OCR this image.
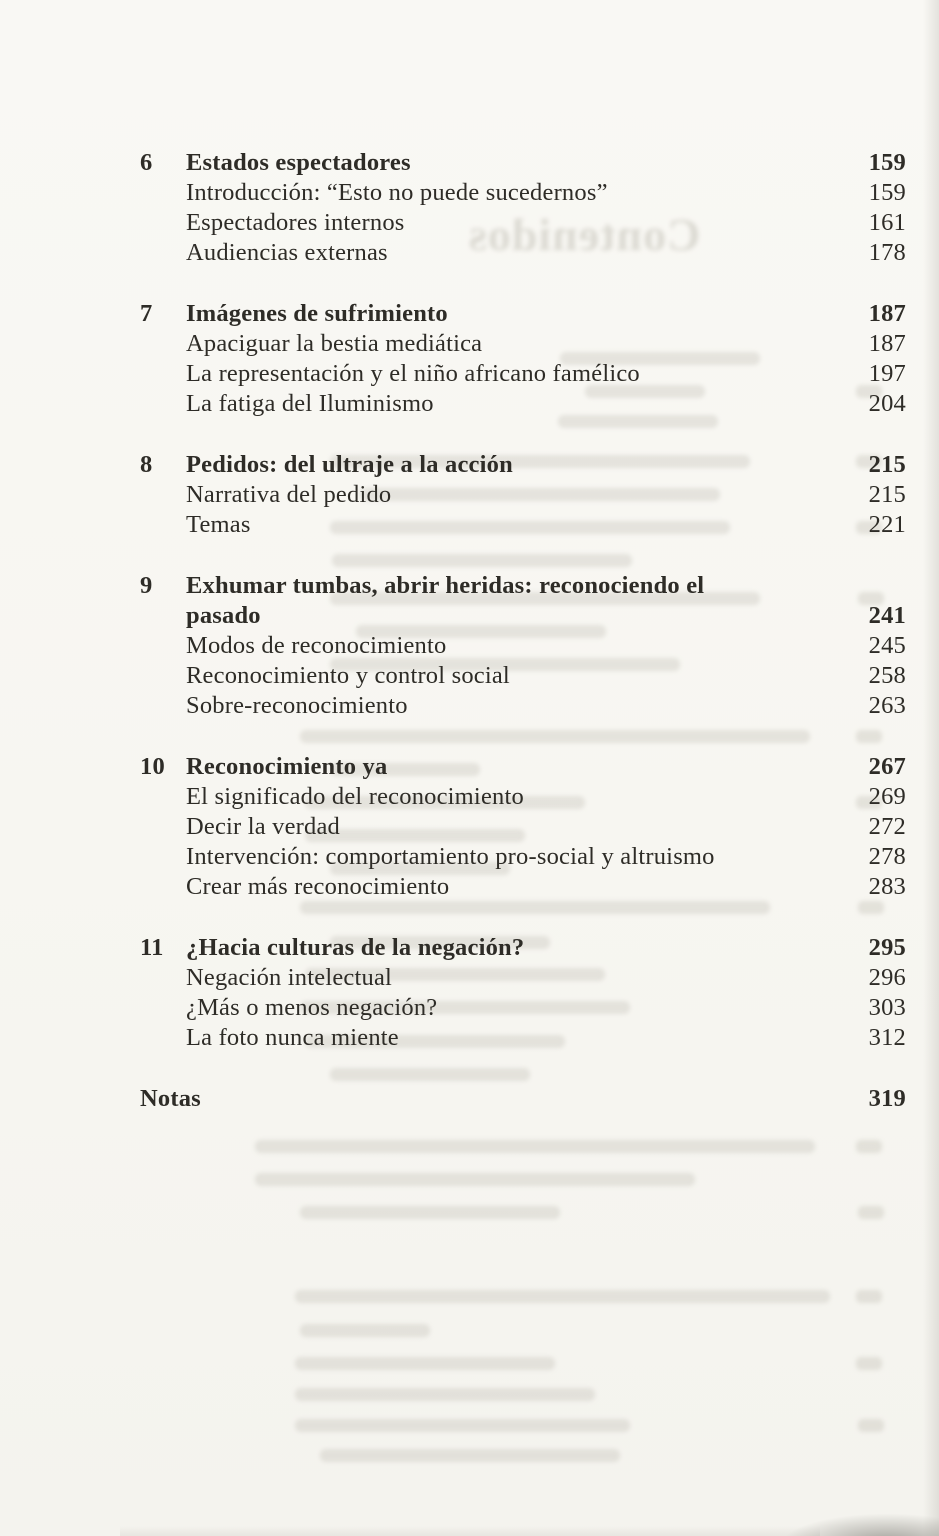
Contenidos
6	Estados espectadores	159
Introducción: “Esto no puede sucedernos”	159
Espectadores internos	161
Audiencias externas	178
7	Imágenes de sufrimiento	187
Apaciguar la bestia mediática	187
La representación y el niño africano famélico	197
La fatiga del Iluminismo	204
8	Pedidos: del ultraje a la acción	215
Narrativa del pedido	215
Temas	221
9	Exhumar tumbas, abrir heridas: reconociendo el
pasado	241
Modos de reconocimiento	245
Reconocimiento y control social	258
Sobre-reconocimiento	263
10 Reconocimiento ya	267
El significado del reconocimiento	269
Decir la verdad	272
Intervención: comportamiento pro-social y altruismo	278
Crear más reconocimiento	283
11 ¿Hacia culturas de la negación?	295
Negación intelectual	296
¿Más o menos negación?	303
La foto nunca miente	312
Notas	319
